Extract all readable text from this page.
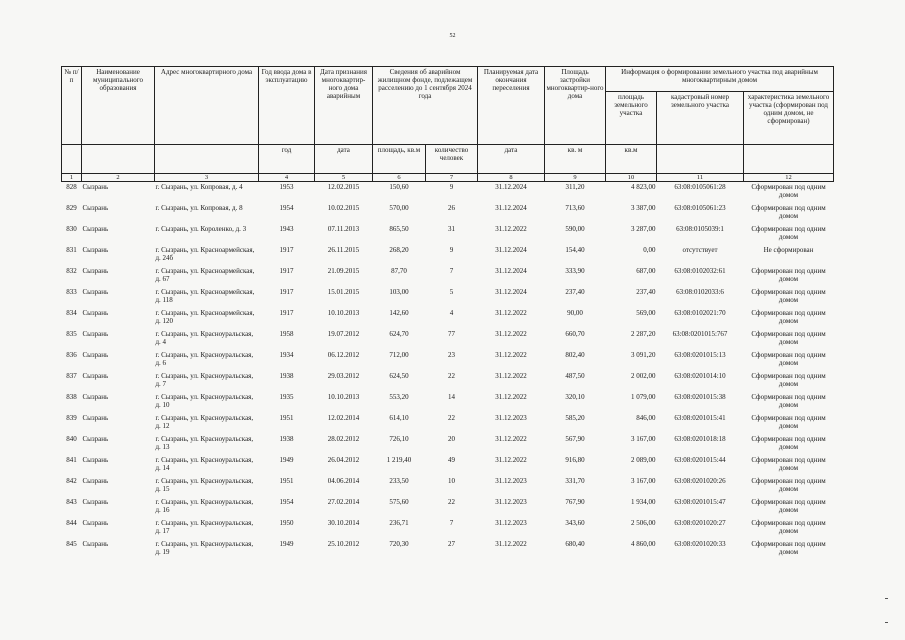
52
№ п/п	Наименование муниципального образования	Адрес многоквартирного дома	Год ввода дома в эксплуатацию	Дата признания многоквартир-ного дома аварийным	Сведения об аварийном жилищном фонде, подлежащем расселению до 1 сентября 2024 года		Планируемая дата окончания переселения	Площадь застройки многоквартир-ного дома	Информация о формировании земельного участка под аварийным многоквартирным домом		
									площадь земельного участка	кадастровый номер земельного участка	характеристика земельного участка (сформирован под одним домом, не сформирован)
			год	дата	площадь, кв.м	количество человек	дата	кв. м	кв.м		
1	2	3	4	5	6	7	8	9	10	11	12
828	Сызрань	г. Сызрань, ул. Копровая, д. 4	1953	12.02.2015	150,60	9	31.12.2024	311,20	4 823,00	63:08:0105061:28	Сформирован под одним домом
829	Сызрань	г. Сызрань, ул. Копровая, д. 8	1954	10.02.2015	570,00	26	31.12.2024	713,60	3 387,00	63:08:0105061:23	Сформирован под одним домом
830	Сызрань	г. Сызрань, ул. Короленко, д. 3	1943	07.11.2013	865,50	31	31.12.2022	590,00	3 287,00	63:08:0105039:1	Сформирован под одним домом
831	Сызрань	г. Сызрань, ул. Красноармейская, д. 24б	1917	26.11.2015	268,20	9	31.12.2024	154,40	0,00	отсутствует	Не сформирован
832	Сызрань	г. Сызрань, ул. Красноармейская, д. 67	1917	21.09.2015	87,70	7	31.12.2024	333,90	687,00	63:08:0102032:61	Сформирован под одним домом
833	Сызрань	г. Сызрань, ул. Красноармейская, д. 118	1917	15.01.2015	103,00	5	31.12.2024	237,40	237,40	63:08:0102033:6	Сформирован под одним домом
834	Сызрань	г. Сызрань, ул. Красноармейская, д. 120	1917	10.10.2013	142,60	4	31.12.2022	90,00	569,00	63:08:0102021:70	Сформирован под одним домом
835	Сызрань	г. Сызрань, ул. Красноуральская, д. 4	1958	19.07.2012	624,70	77	31.12.2022	660,70	2 287,20	63:08:0201015:767	Сформирован под одним домом
836	Сызрань	г. Сызрань, ул. Красноуральская, д. 6	1934	06.12.2012	712,00	23	31.12.2022	802,40	3 091,20	63:08:0201015:13	Сформирован под одним домом
837	Сызрань	г. Сызрань, ул. Красноуральская, д. 7	1938	29.03.2012	624,50	22	31.12.2022	487,50	2 002,00	63:08:0201014:10	Сформирован под одним домом
838	Сызрань	г. Сызрань, ул. Красноуральская, д. 10	1935	10.10.2013	553,20	14	31.12.2022	320,10	1 079,00	63:08:0201015:38	Сформирован под одним домом
839	Сызрань	г. Сызрань, ул. Красноуральская, д. 12	1951	12.02.2014	614,10	22	31.12.2023	585,20	846,00	63:08:0201015:41	Сформирован под одним домом
840	Сызрань	г. Сызрань, ул. Красноуральская, д. 13	1938	28.02.2012	726,10	20	31.12.2022	567,90	3 167,00	63:08:0201018:18	Сформирован под одним домом
841	Сызрань	г. Сызрань, ул. Красноуральская, д. 14	1949	26.04.2012	1 219,40	49	31.12.2022	916,80	2 089,00	63:08:0201015:44	Сформирован под одним домом
842	Сызрань	г. Сызрань, ул. Красноуральская, д. 15	1951	04.06.2014	233,50	10	31.12.2023	331,70	3 167,00	63:08:0201020:26	Сформирован под одним домом
843	Сызрань	г. Сызрань, ул. Красноуральская, д. 16	1954	27.02.2014	575,60	22	31.12.2023	767,90	1 934,00	63:08:0201015:47	Сформирован под одним домом
844	Сызрань	г. Сызрань, ул. Красноуральская, д. 17	1950	30.10.2014	236,71	7	31.12.2023	343,60	2 506,00	63:08:0201020:27	Сформирован под одним домом
845	Сызрань	г. Сызрань, ул. Красноуральская, д. 19	1949	25.10.2012	720,30	27	31.12.2022	680,40	4 860,00	63:08:0201020:33	Сформирован под одним домом
